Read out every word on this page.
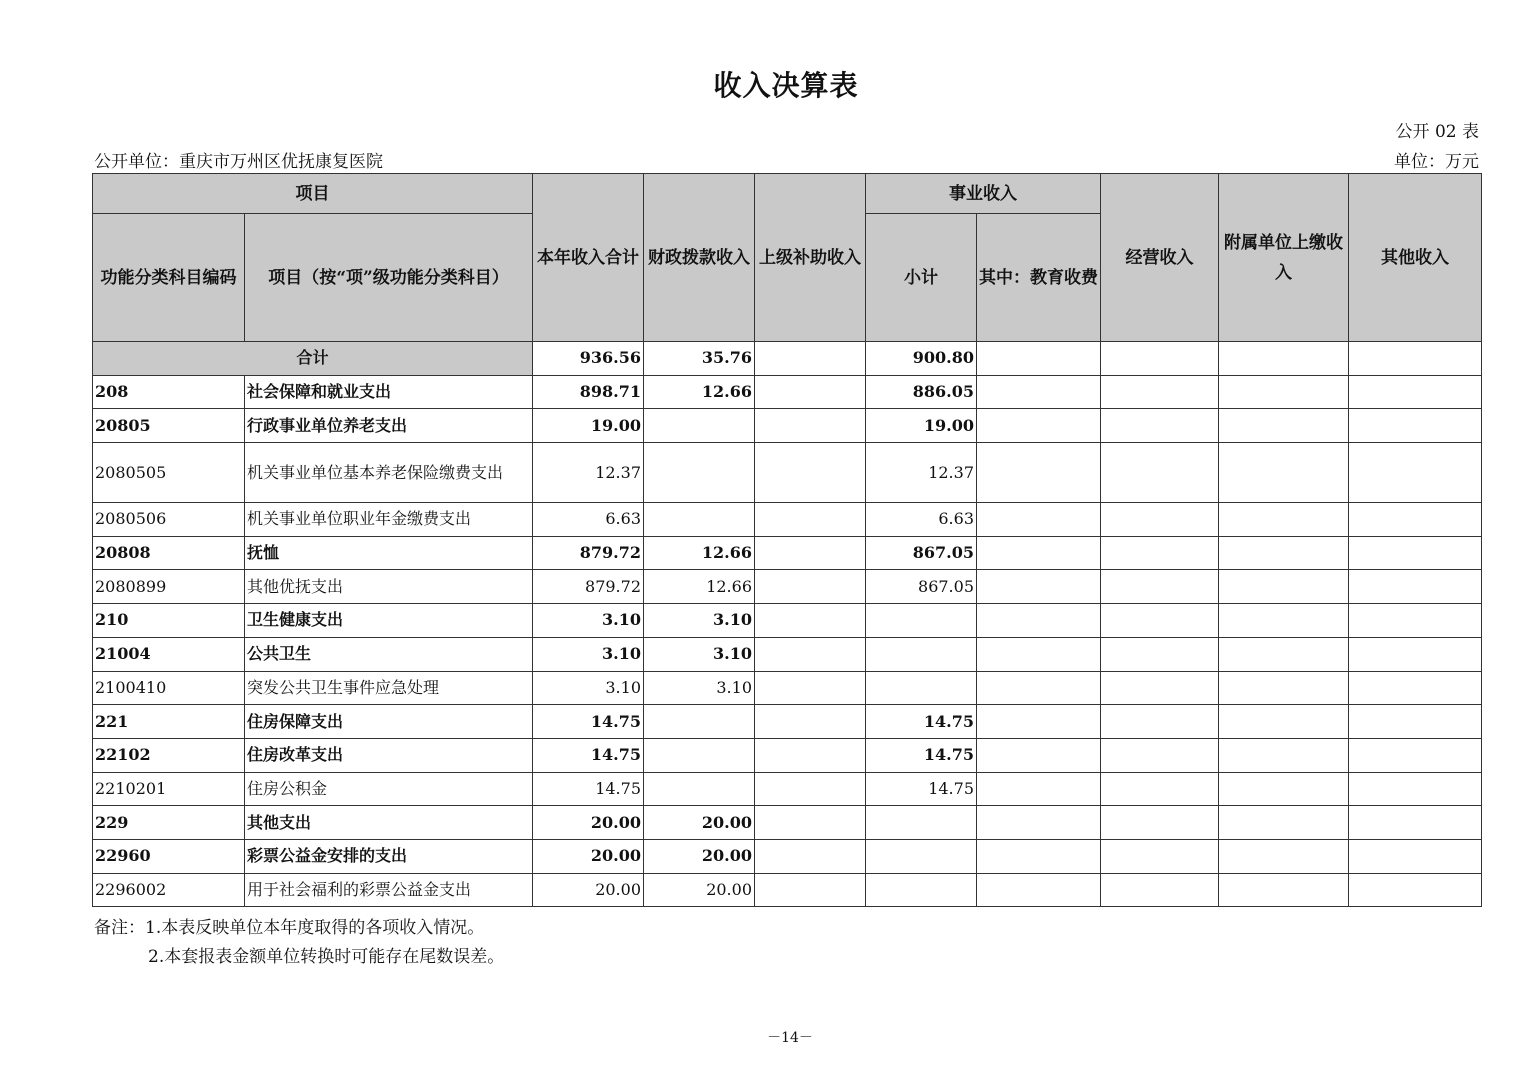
收入决算表
公开 02 表
公开单位：重庆市万州区优抚康复医院	单位：万元
项目		本年收入合计	财政拨款收入	上级补助收入	事业收入		经营收入	附属单位上缴收入	其他收入
功能分类科目编码	项目（按“项”级功能分类科目）				小计	其中：教育收费			
合计		936.56	35.76		900.80				
208	社会保障和就业支出	898.71	12.66		886.05				
20805	行政事业单位养老支出	19.00			19.00				
2080505	机关事业单位基本养老保险缴费支出	12.37			12.37				
2080506	机关事业单位职业年金缴费支出	6.63			6.63				
20808	抚恤	879.72	12.66		867.05				
2080899	其他优抚支出	879.72	12.66		867.05				
210	卫生健康支出	3.10	3.10						
21004	公共卫生	3.10	3.10						
2100410	突发公共卫生事件应急处理	3.10	3.10						
221	住房保障支出	14.75			14.75				
22102	住房改革支出	14.75			14.75				
2210201	住房公积金	14.75			14.75				
229	其他支出	20.00	20.00						
22960	彩票公益金安排的支出	20.00	20.00						
2296002	用于社会福利的彩票公益金支出	20.00	20.00						
备注：1.本表反映单位本年度取得的各项收入情况。
2.本套报表金额单位转换时可能存在尾数误差。
－14－
